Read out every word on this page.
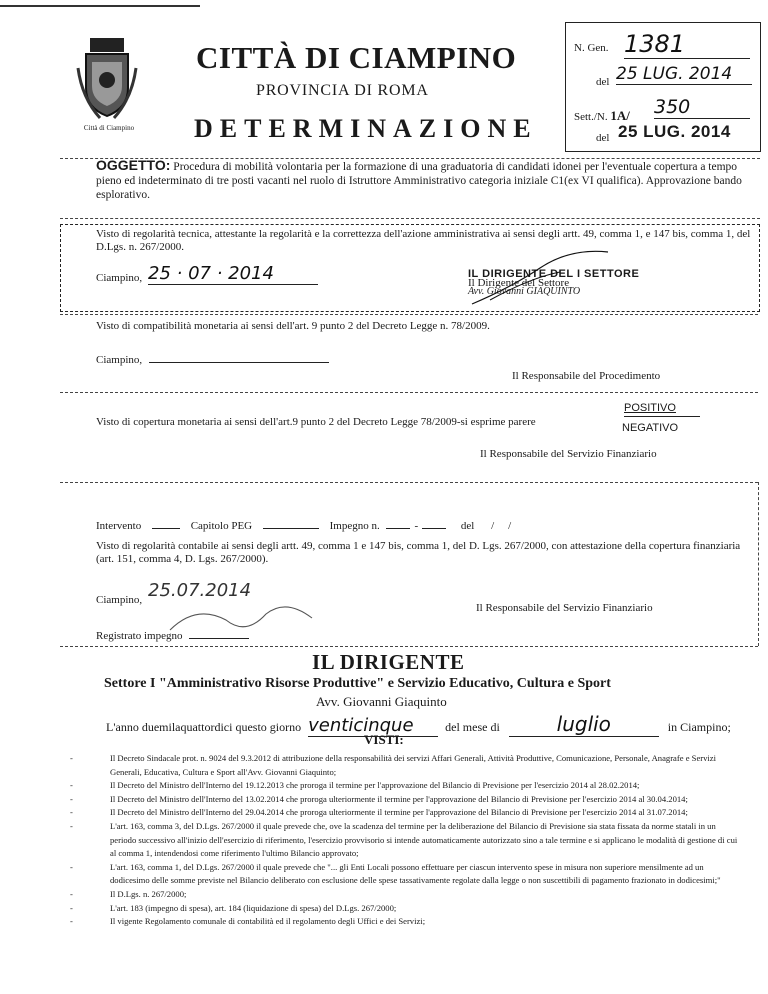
Città di Ciampino
CITTÀ DI CIAMPINO
PROVINCIA DI ROMA
DETERMINAZIONE
N. Gen. 1381
del 25 LUG. 2014
Sett./N. 1A/ 350
del 25 LUG. 2014
OGGETTO: Procedura di mobilità volontaria per la formazione di una graduatoria di candidati idonei per l'eventuale copertura a tempo pieno ed indeterminato di tre posti vacanti nel ruolo di Istruttore Amministrativo categoria iniziale C1(ex VI qualifica). Approvazione bando esplorativo.
Visto di regolarità tecnica, attestante la regolarità e la correttezza dell'azione amministrativa ai sensi degli artt. 49, comma 1, e 147 bis, comma 1, del D.Lgs. n. 267/2000.
Ciampino, 25 · 07 · 2014	IL DIRIGENTE DEL I SETTORE
Il Dirigente del Settore
Avv. Giovanni GIAQUINTO
Visto di compatibilità monetaria ai sensi dell'art. 9 punto 2 del Decreto Legge n. 78/2009.
Ciampino,
Il Responsabile del Procedimento
Visto di copertura monetaria ai sensi dell'art.9 punto 2 del Decreto Legge 78/2009-si esprime parere
POSITIVO
NEGATIVO
Il Responsabile del Servizio Finanziario
Intervento	Capitolo PEG	Impegno n.	-	del / /
Visto di regolarità contabile ai sensi degli artt. 49, comma 1 e 147 bis, comma 1, del D. Lgs. 267/2000, con attestazione della copertura finanziaria (art. 151, comma 4, D. Lgs. 267/2000).
Ciampino, 25.07.2014
Il Responsabile del Servizio Finanziario
Registrato impegno
IL DIRIGENTE
Settore I "Amministrativo Risorse Produttive" e Servizio Educativo, Cultura e Sport
Avv. Giovanni Giaquinto
L'anno duemilaquattordici questo giorno venticinque	del mese di	luglio	in Ciampino;
VISTI:
- Il Decreto Sindacale prot. n. 9024 del 9.3.2012 di attribuzione della responsabilità dei servizi Affari Generali, Attività Produttive, Comunicazione, Personale, Anagrafe e Servizi Generali, Educativa, Cultura e Sport all'Avv. Giovanni Giaquinto;
- Il Decreto del Ministro dell'Interno del 19.12.2013 che proroga il termine per l'approvazione del Bilancio di Previsione per l'esercizio 2014 al 28.02.2014;
- Il Decreto del Ministro dell'Interno del 13.02.2014 che proroga ulteriormente il termine per l'approvazione del Bilancio di Previsione per l'esercizio 2014 al 30.04.2014;
- Il Decreto del Ministro dell'Interno del 29.04.2014 che proroga ulteriormente il termine per l'approvazione del Bilancio di Previsione per l'esercizio 2014 al 31.07.2014;
- L'art. 163, comma 3, del D.Lgs. 267/2000 il quale prevede che, ove la scadenza del termine per la deliberazione del Bilancio di Previsione sia stata fissata da norme statali in un periodo successivo all'inizio dell'esercizio di riferimento, l'esercizio provvisorio si intende automaticamente autorizzato sino a tale termine e si applicano le modalità di gestione di cui al comma 1, intendendosi come riferimento l'ultimo Bilancio approvato;
- L'art. 163, comma 1, del D.Lgs. 267/2000 il quale prevede che "... gli Enti Locali possono effettuare per ciascun intervento spese in misura non superiore mensilmente ad un dodicesimo delle somme previste nel Bilancio deliberato con esclusione delle spese tassativamente regolate dalla legge o non suscettibili di pagamento frazionato in dodicesimi;"
- Il D.Lgs. n. 267/2000;
- L'art. 183 (impegno di spesa), art. 184 (liquidazione di spesa) del D.Lgs. 267/2000;
- Il vigente Regolamento comunale di contabilità ed il regolamento degli Uffici e dei Servizi;
